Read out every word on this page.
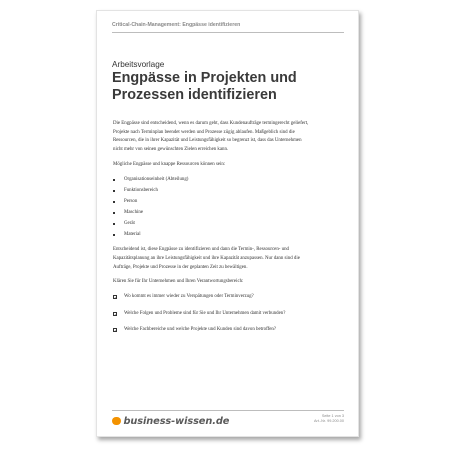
Critical-Chain-Management: Engpässe identifizieren
Arbeitsvorlage
Engpässe in Projekten und Prozessen identifizieren

Die Engpässe sind entscheidend, wenn es darum geht, dass Kundenaufträge termingerecht geliefert, Projekte nach Terminplan beendet werden und Prozesse zügig ablaufen. Maßgeblich sind die Ressourcen, die in ihrer Kapazität und Leistungsfähigkeit so begrenzt ist, dass das Unternehmen nicht mehr von seinen gewünschten Zielen erreichen kann.

Mögliche Engpässe und knappe Ressourcen können sein:

Organisationseinheit (Abteilung)
Funktionsbereich
Person
Maschine
Gerät
Material

Entscheidend ist, diese Engpässe zu identifizieren und dann die Termin-, Ressourcen- und Kapazitätsplanung an ihre Leistungsfähigkeit und ihre Kapazität anzupassen. Nur dann sind die Aufträge, Projekte und Prozesse in der geplanten Zeit zu bewältigen.

Klären Sie für Ihr Unternehmen und Ihren Verantwortungsbereich:

✓ Wo kommt es immer wieder zu Verspätungen oder Terminverzug?
✓ Welche Folgen und Probleme sind für Sie und Ihr Unternehmen damit verbunden?
✓ Welche Fachbereiche und welche Projekte und Kunden sind davon betroffen?
business-wissen.de	Seite 1 von 3
Art.-Nr. 99.200.00
